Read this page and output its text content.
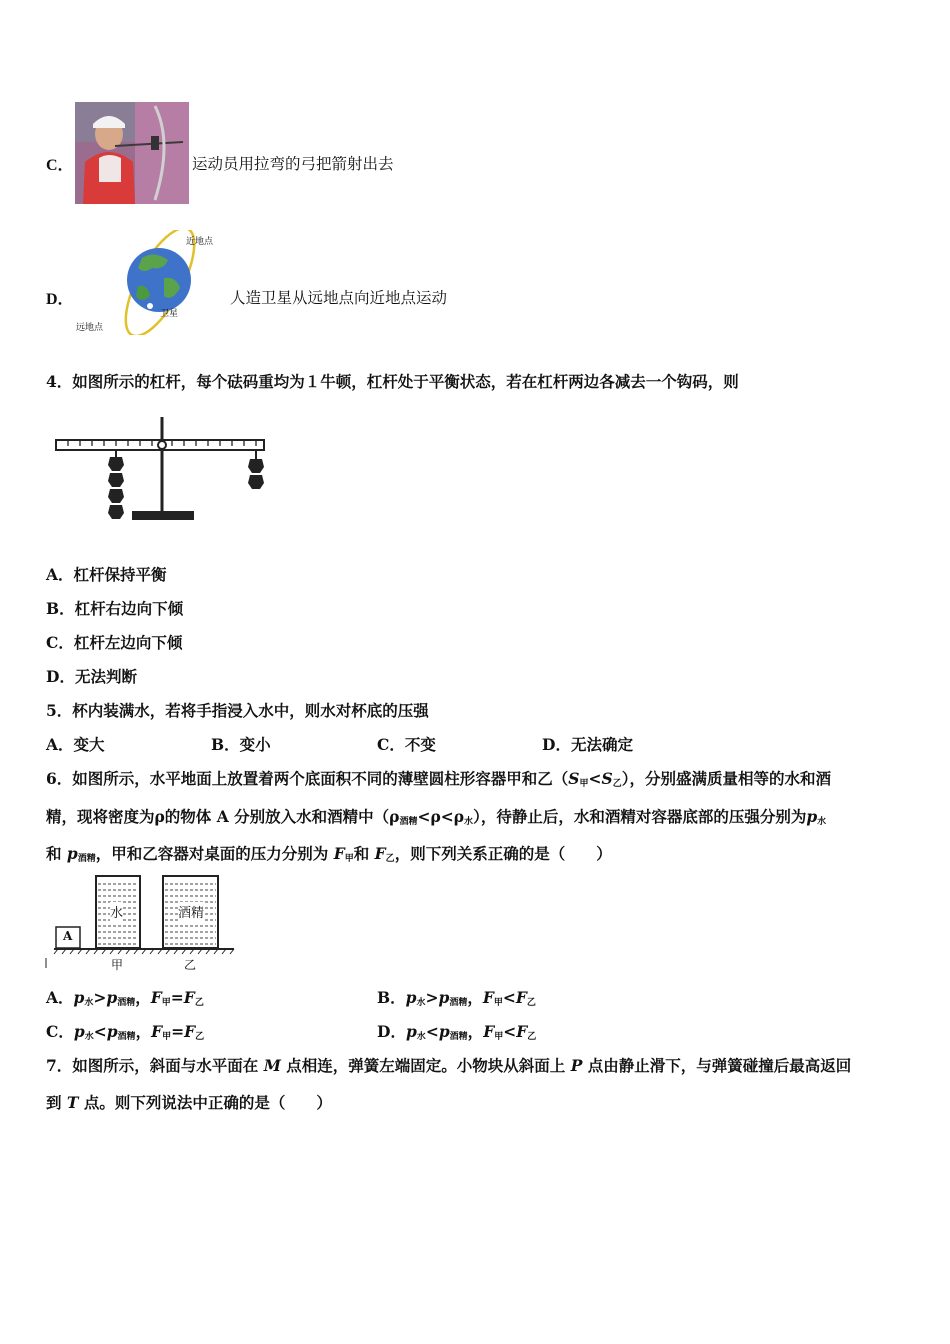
C．	运动员用拉弯的弓把箭射出去
D．
近地点
远地点
卫星
人造卫星从远地点向近地点运动
4．如图所示的杠杆，每个砝码重均为１牛顿，杠杆处于平衡状态，若在杠杆两边各减去一个钩码，则
A．杠杆保持平衡
B．杠杆右边向下倾
C．杠杆左边向下倾
D．无法判断
5．杯内装满水，若将手指浸入水中，则水对杯底的压强
A．变大	B．变小	C．不变	D．无法确定
6．如图所示，水平地面上放置着两个底面积不同的薄壁圆柱形容器甲和乙$(S_甲<S_乙)$，分别盛满质量相等的水和酒
精，现将密度为ρ的物体 A 分别放入水和酒精中$(\rho_{酒精}<\rho<\rho_水)$，待静止后，水和酒精对容器底部的压强分别为$p_水$
和 $p_{酒精}$，甲和乙容器对桌面的压力分别为 $F_甲$和 $F_乙$，则下列关系正确的是（　　）
水	酒精
A
甲	乙
A．$p_水>p_{酒精}$，$F_甲=F_乙$	B．$p_水>p_{酒精}$，$F_甲<F_乙$
C．$p_水<p_{酒精}$，$F_甲=F_乙$	D．$p_水<p_{酒精}$，$F_甲<F_乙$
7．如图所示，斜面与水平面在 M 点相连，弹簧左端固定。小物块从斜面上 P 点由静止滑下，与弹簧碰撞后最高返回
到 T 点。则下列说法中正确的是（　　）
